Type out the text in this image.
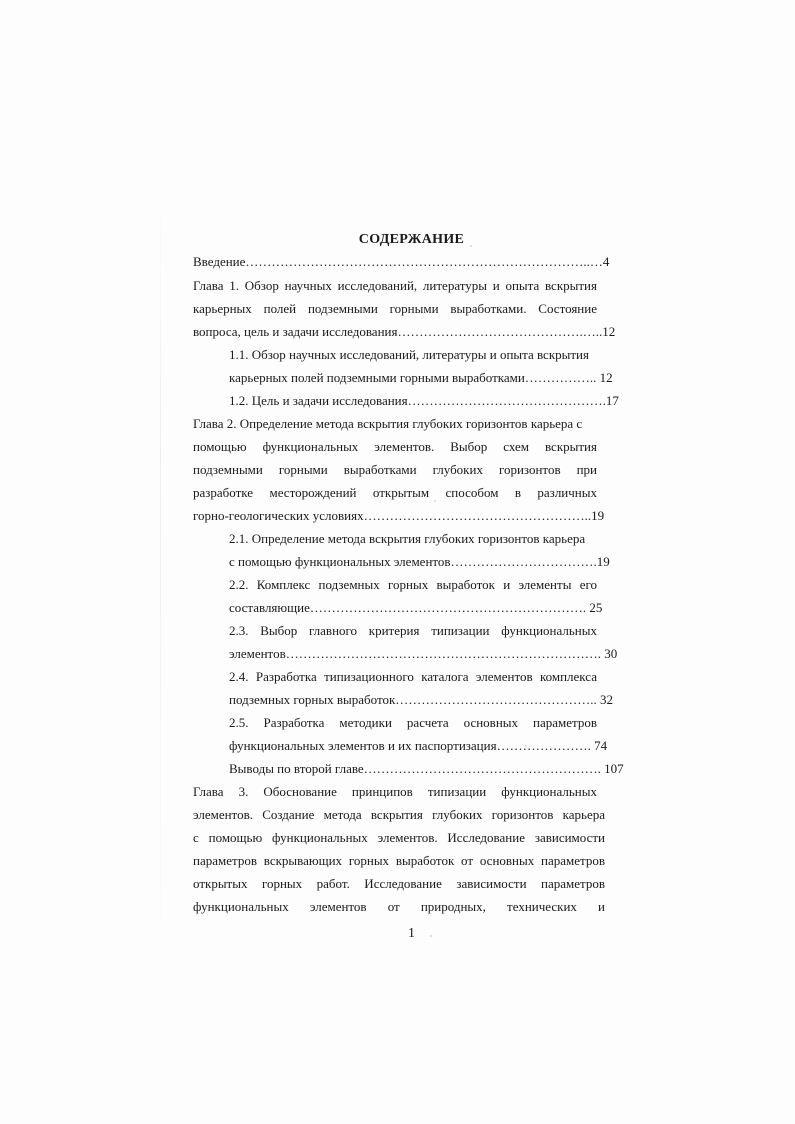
СОДЕРЖАНИЕ
Введение……………………………………………………………………..…4
Глава 1. Обзор научных исследований, литературы и опыта вскрытия
карьерных полей подземными горными выработками. Состояние
вопроса, цель и задачи исследования…………………………………….…..12
1.1. Обзор научных исследований, литературы и опыта вскрытия
карьерных полей подземными горными выработками…………….. 12
1.2. Цель и задачи исследования……………………………………….17
Глава 2. Определение метода вскрытия глубоких горизонтов карьера с
помощью функциональных элементов. Выбор схем вскрытия
подземными горными выработками глубоких горизонтов при
разработке месторождений открытым способом в различных
горно-геологических условиях……………………………………………..19
2.1. Определение метода вскрытия глубоких горизонтов карьера
с помощью функциональных элементов…………………………….19
2.2. Комплекс подземных горных выработок и элементы его
составляющие………………………………………………………. 25
2.3. Выбор главного критерия типизации функциональных
элементов………………………………………………………………. 30
2.4. Разработка типизационного каталога элементов комплекса
подземных горных выработок……………………………………….. 32
2.5. Разработка методики расчета основных параметров
функциональных элементов и их паспортизация…………………. 74
Выводы по второй главе………………………………………………. 107
Глава 3. Обоснование принципов типизации функциональных
элементов. Создание метода вскрытия глубоких горизонтов карьера
с помощью функциональных элементов. Исследование зависимости
параметров вскрывающих горных выработок от основных параметров
открытых горных работ. Исследование зависимости параметров
функциональных элементов от природных, технических и
1
